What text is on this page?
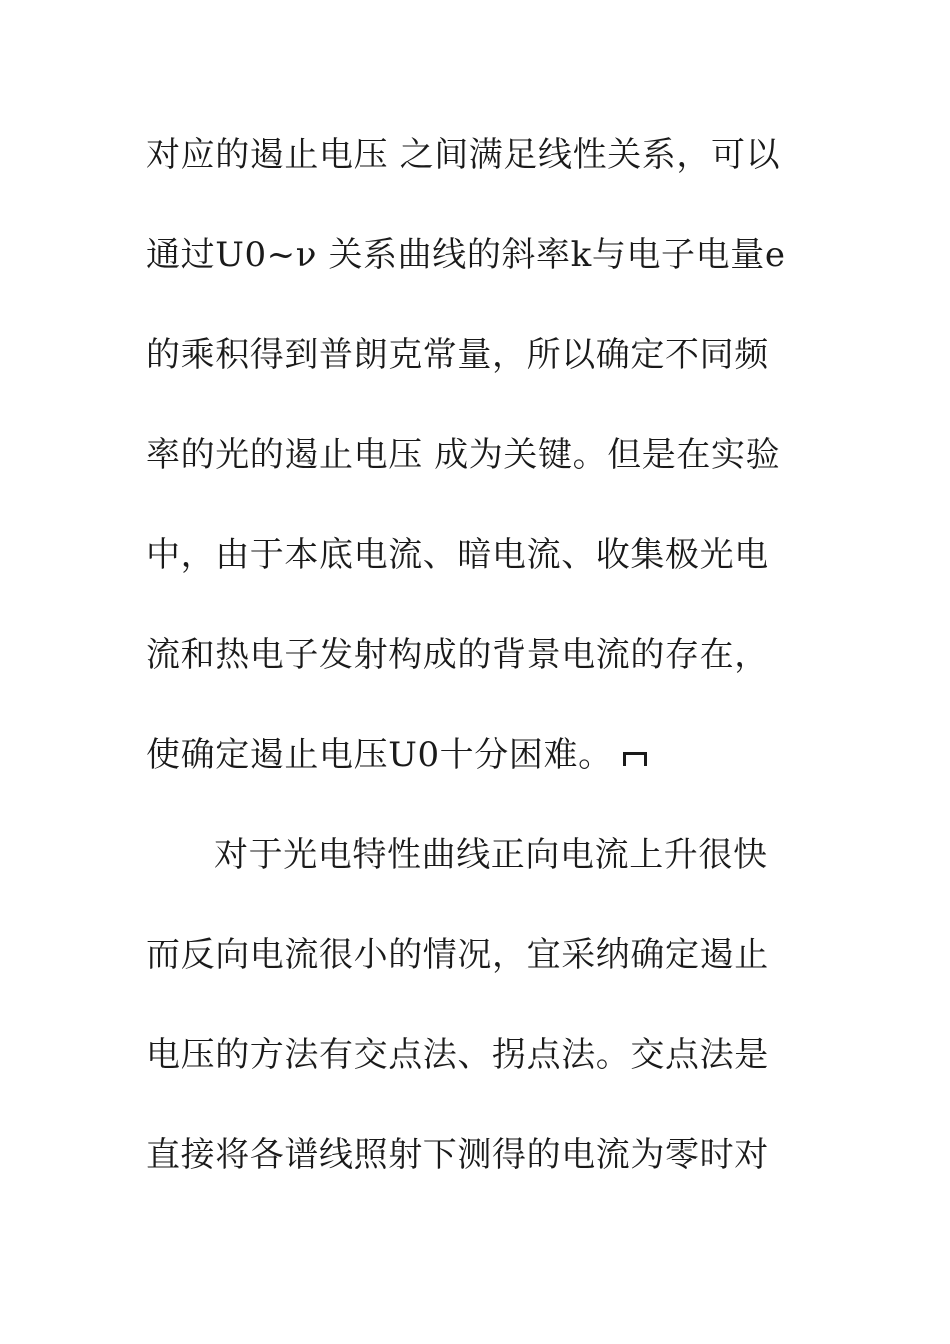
对应的遏止电压 之间满足线性关系，可以
通过U0~ν 关系曲线的斜率k与电子电量e
的乘积得到普朗克常量，所以确定不同频
率的光的遏止电压 成为关键。但是在实验
中，由于本底电流、暗电流、收集极光电
流和热电子发射构成的背景电流的存在，
使确定遏止电压U0十分困难。
对于光电特性曲线正向电流上升很快
而反向电流很小的情况，宜采纳确定遏止
电压的方法有交点法、拐点法。交点法是
直接将各谱线照射下测得的电流为零时对
